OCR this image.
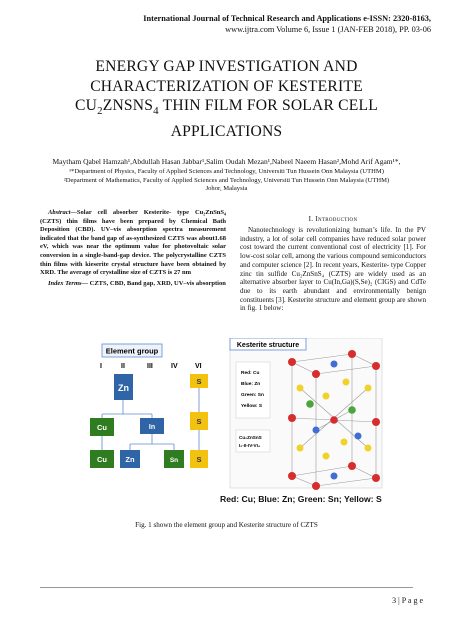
International Journal of Technical Research and Applications e-ISSN: 2320-8163,
www.ijtra.com Volume 6, Issue 1 (JAN-FEB 2018), PP. 03-06
ENERGY GAP INVESTIGATION AND
CHARACTERIZATION OF KESTERITE
$CU_2ZNSNS_4$ THIN FILM FOR SOLAR CELL
APPLICATIONS
Maytham Qabel Hamzah¹,Abdullah Hasan Jabbar¹,Salim Oudah Mezan¹,Nabeel Naeem Hasan²,Mohd Arif Agam¹*,
¹*Department of Physics, Faculty of Applied Sciences and Technology, Universiti Tun Hussein Onn Malaysia (UTHM)
²Department of Mathematics, Faculty of Applied Sciences and Technology, Universiti Tun Hussein Onn Malaysia (UTHM)
Johor, Malaysia
Abstract—Solar cell absorber Kesterite- type Cu₂ZnSnS₄ (CZTS) thin films have been prepared by Chemical Bath Deposition (CBD). UV–vis absorption spectra measurement indicated that the band gap of as-synthesized CZTS was about1.68 eV, which was near the optimum value for photovoltaic solar conversion in a single-band-gap device. The polycrystalline CZTS thin films with kieserite crystal structure have been obtained by XRD. The average of crystalline size of CZTS is 27 nm
Index Terms— CZTS, CBD, Band gap, XRD, UV–vis absorption
I. Introduction
Nanotechnology is revolutionizing human’s life. In the PV industry, a lot of solar cell companies have reduced solar power cost toward the current conventional cost of electricity [1]. For low-cost solar cell, among the various compound semiconductors and computer science [2]. In recent years, Kesterite- type Copper zinc tin sulfide Cu₂ZnSnS₄ (CZTS) are widely used as an alternative absorber layer to Cu(In,Ga)(S,Se)₂ (CIGS) and CdTe due to its earth abundant and environmentally benign constituents [3]. Kesterite structure and element group are shown in fig. 1 below:
Element group
I	II	III	IV VI
Zn
S
Cu	In
S
Cu Zn	Sn S
Kesterite structure
Red: Cu
Blue: Zn
Green: Sn
Yellow: S
Cu₂ZnSnS
I₂-II-IV-VI₄
Red: Cu; Blue: Zn; Green: Sn; Yellow: S
Fig. 1 shown the element group and Kesterite structure of CZTS
3 | P a g e
